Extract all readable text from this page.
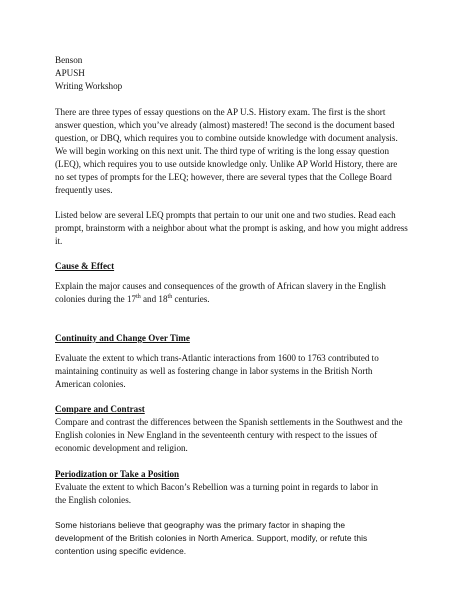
Benson

APUSH

Writing Workshop

There are three types of essay questions on the AP U.S. History exam. The first is the short

answer question, which you’ve already (almost) mastered! The second is the document based

question, or DBQ, which requires you to combine outside knowledge with document analysis.

We will begin working on this next unit. The third type of writing is the long essay question

(LEQ), which requires you to use outside knowledge only. Unlike AP World History, there are

no set types of prompts for the LEQ; however, there are several types that the College Board

frequently uses.

Listed below are several LEQ prompts that pertain to our unit one and two studies. Read each

prompt, brainstorm with a neighbor about what the prompt is asking, and how you might address

it.

Cause & Effect

Explain the major causes and consequences of the growth of African slavery in the English

colonies during the 17th and 18th centuries.

Continuity and Change Over Time

Evaluate the extent to which trans-Atlantic interactions from 1600 to 1763 contributed to

maintaining continuity as well as fostering change in labor systems in the British North

American colonies.

Compare and Contrast

Compare and contrast the differences between the Spanish settlements in the Southwest and the

English colonies in New England in the seventeenth century with respect to the issues of

economic development and religion.

Periodization or Take a Position

Evaluate the extent to which Bacon’s Rebellion was a turning point in regards to labor in

the English colonies.

Some historians believe that geography was the primary factor in shaping the

development of the British colonies in North America. Support, modify, or refute this

contention using specific evidence.
